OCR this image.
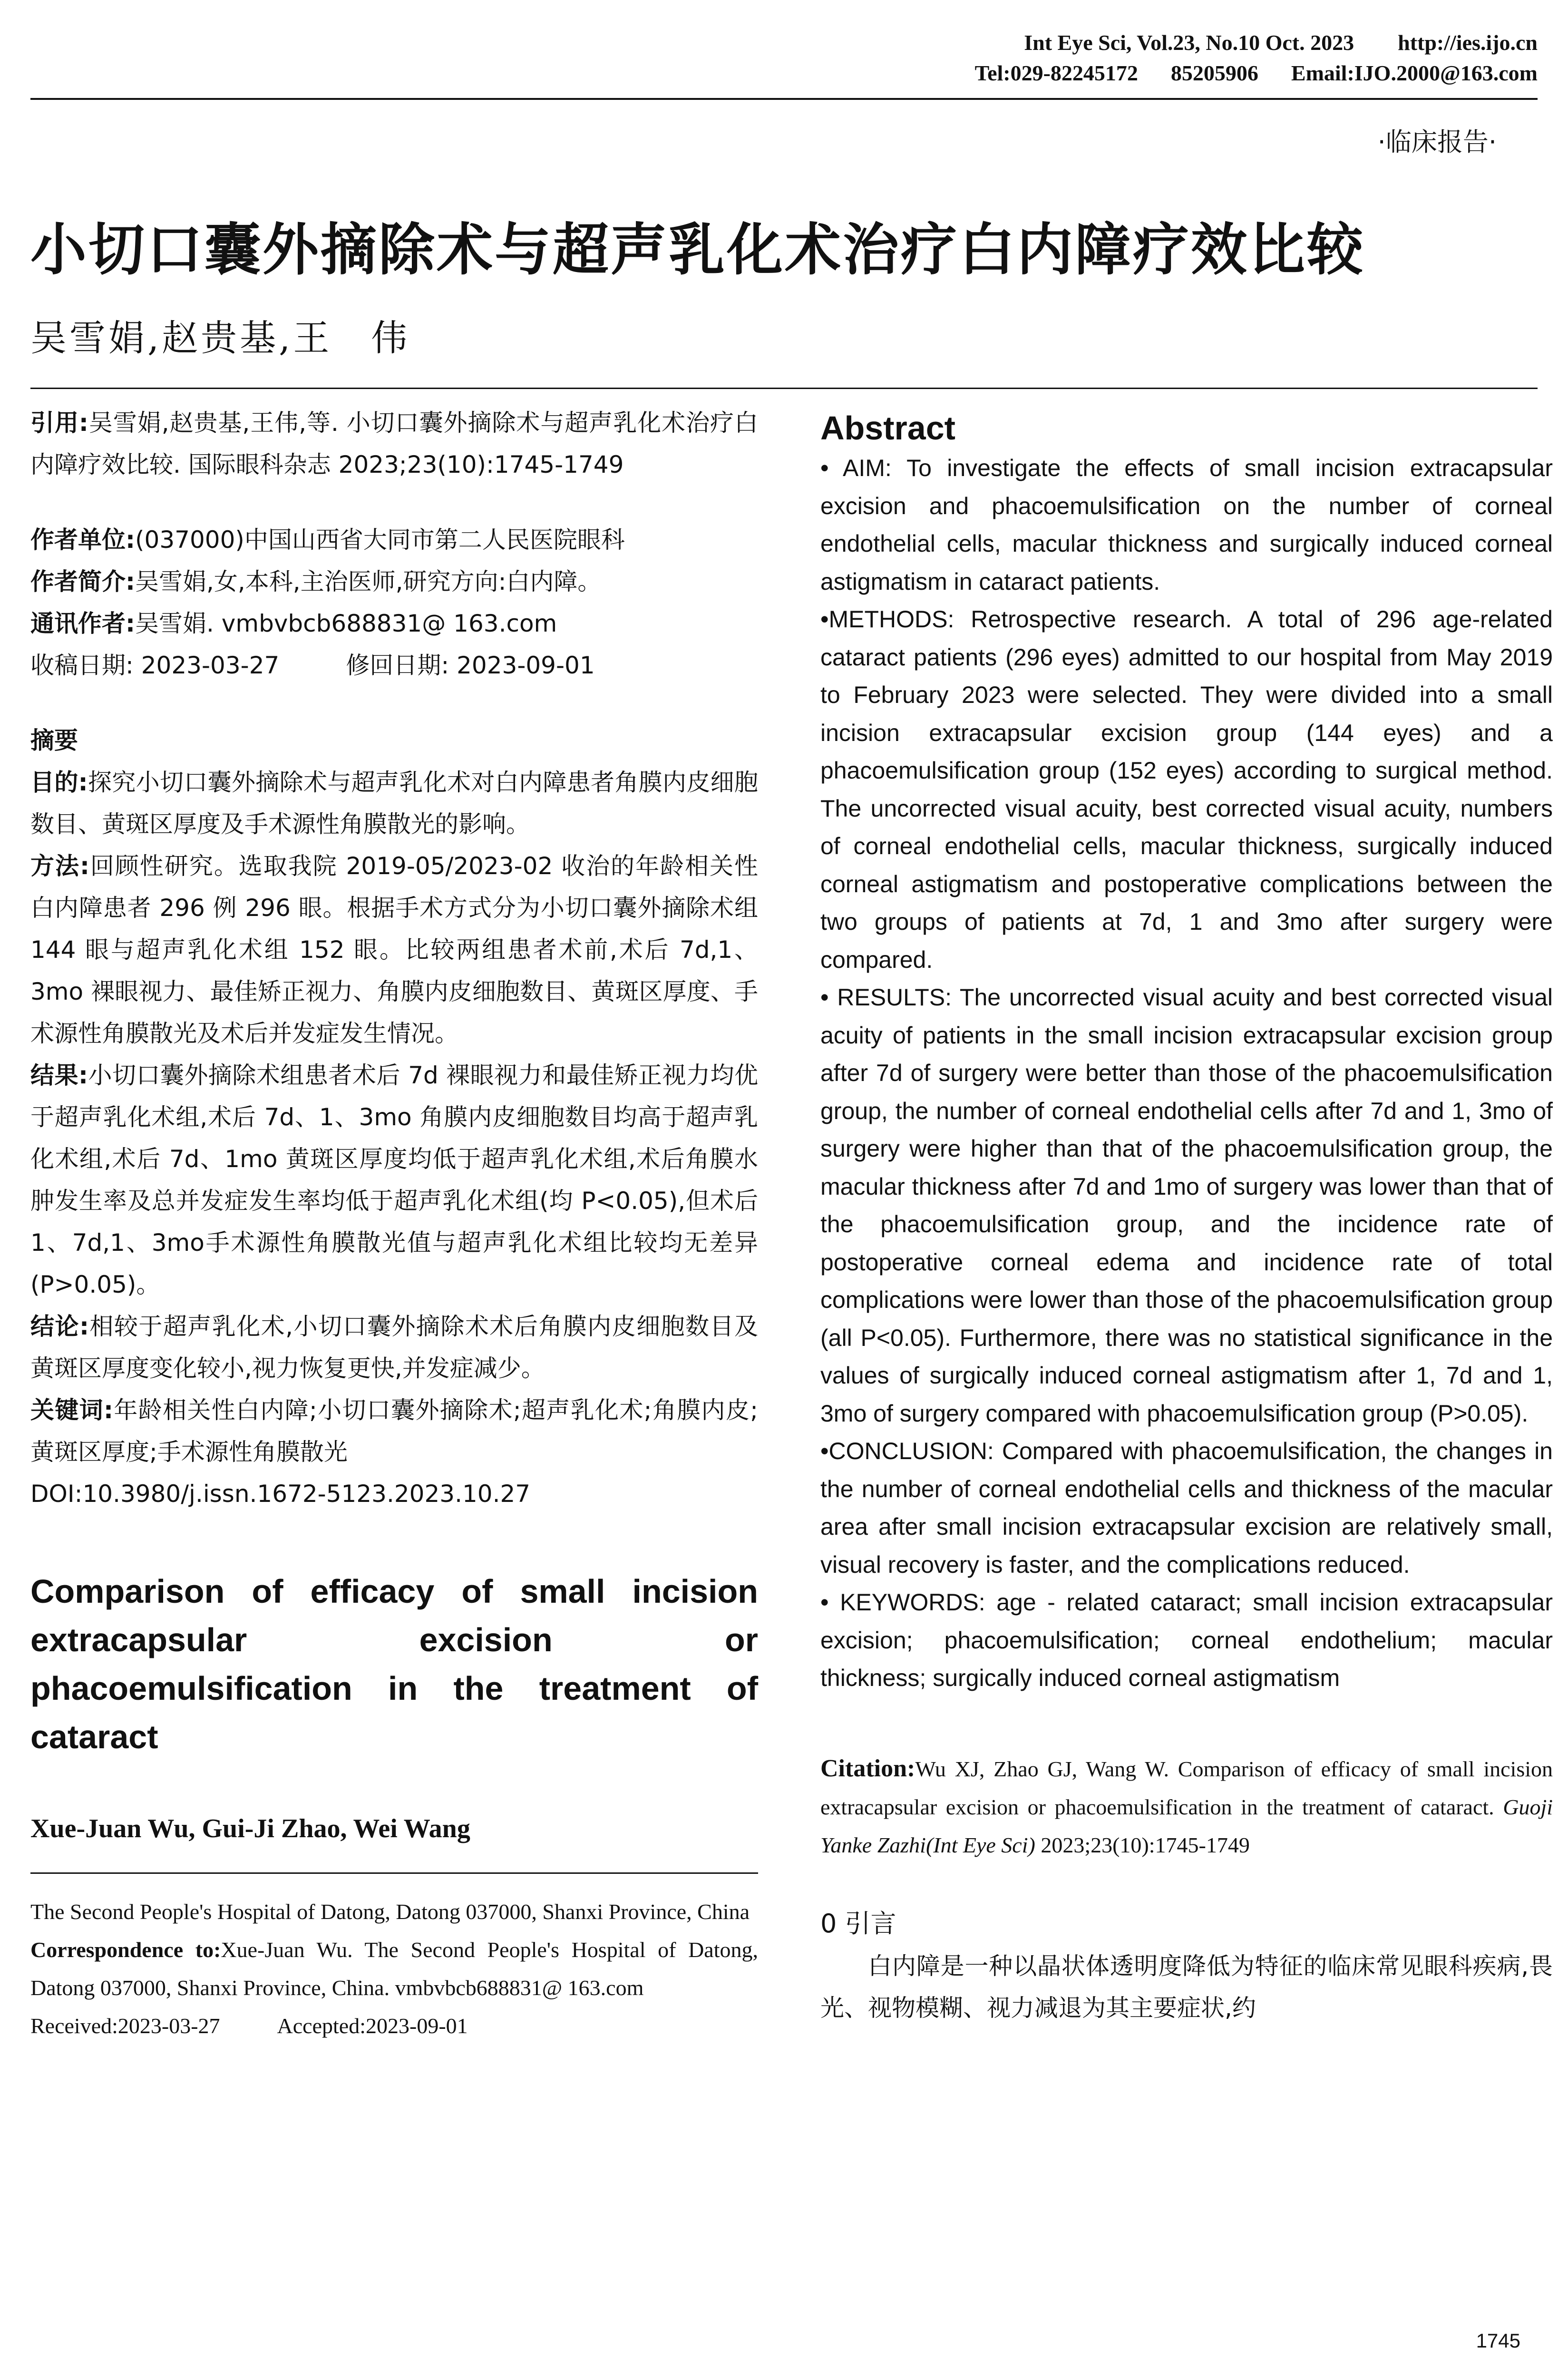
Int Eye Sci, Vol.23, No.10 Oct. 2023        http://ies.ijo.cn
Tel:029-82245172      85205906      Email:IJO.2000@163.com
·临床报告·
小切口囊外摘除术与超声乳化术治疗白内障疗效比较
吴雪娟,赵贵基,王　伟

引用:吴雪娟,赵贵基,王伟,等. 小切口囊外摘除术与超声乳化术治疗白内障疗效比较. 国际眼科杂志 2023;23(10):1745-1749

作者单位:(037000)中国山西省大同市第二人民医院眼科

作者简介:吴雪娟,女,本科,主治医师,研究方向:白内障。

通讯作者:吴雪娟. vmbvbcb688831@ 163.com

收稿日期: 2023-03-27	修回日期: 2023-09-01

摘要

目的:探究小切口囊外摘除术与超声乳化术对白内障患者角膜内皮细胞数目、黄斑区厚度及手术源性角膜散光的影响。

方法:回顾性研究。选取我院 2019-05/2023-02 收治的年龄相关性白内障患者 296 例 296 眼。根据手术方式分为小切口囊外摘除术组 144 眼与超声乳化术组 152 眼。比较两组患者术前,术后 7d,1、3mo 裸眼视力、最佳矫正视力、角膜内皮细胞数目、黄斑区厚度、手术源性角膜散光及术后并发症发生情况。

结果:小切口囊外摘除术组患者术后 7d 裸眼视力和最佳矫正视力均优于超声乳化术组,术后 7d、1、3mo 角膜内皮细胞数目均高于超声乳化术组,术后 7d、1mo 黄斑区厚度均低于超声乳化术组,术后角膜水肿发生率及总并发症发生率均低于超声乳化术组(均 P<0.05),但术后 1、7d,1、3mo手术源性角膜散光值与超声乳化术组比较均无差异(P>0.05)。

结论:相较于超声乳化术,小切口囊外摘除术术后角膜内皮细胞数目及黄斑区厚度变化较小,视力恢复更快,并发症减少。

关键词:年龄相关性白内障;小切口囊外摘除术;超声乳化术;角膜内皮;黄斑区厚度;手术源性角膜散光

DOI:10.3980/j.issn.1672-5123.2023.10.27

Comparison of efficacy of small incision extracapsular excision or phacoemulsification in the treatment of cataract
Xue-Juan Wu, Gui-Ji Zhao, Wei Wang

The Second People's Hospital of Datong, Datong 037000, Shanxi Province, China

Correspondence to:Xue-Juan Wu. The Second People's Hospital of Datong, Datong 037000, Shanxi Province, China. vmbvbcb688831@ 163.com

Received:2023-03-27	Accepted:2023-09-01

Abstract

• AIM: To investigate the effects of small incision extracapsular excision and phacoemulsification on the number of corneal endothelial cells, macular thickness and surgically induced corneal astigmatism in cataract patients.

•METHODS: Retrospective research. A total of 296 age-related cataract patients (296 eyes) admitted to our hospital from May 2019 to February 2023 were selected. They were divided into a small incision extracapsular excision group (144 eyes) and a phacoemulsification group (152 eyes) according to surgical method. The uncorrected visual acuity, best corrected visual acuity, numbers of corneal endothelial cells, macular thickness, surgically induced corneal astigmatism and postoperative complications between the two groups of patients at 7d, 1 and 3mo after surgery were compared.

• RESULTS: The uncorrected visual acuity and best corrected visual acuity of patients in the small incision extracapsular excision group after 7d of surgery were better than those of the phacoemulsification group, the number of corneal endothelial cells after 7d and 1, 3mo of surgery were higher than that of the phacoemulsification group, the macular thickness after 7d and 1mo of surgery was lower than that of the phacoemulsification group, and the incidence rate of postoperative corneal edema and incidence rate of total complications were lower than those of the phacoemulsification group (all P<0.05). Furthermore, there was no statistical significance in the values of surgically induced corneal astigmatism after 1, 7d and 1, 3mo of surgery compared with phacoemulsification group (P>0.05).

•CONCLUSION: Compared with phacoemulsification, the changes in the number of corneal endothelial cells and thickness of the macular area after small incision extracapsular excision are relatively small, visual recovery is faster, and the complications reduced.

• KEYWORDS: age - related cataract; small incision extracapsular excision; phacoemulsification; corneal endothelium; macular thickness; surgically induced corneal astigmatism

Citation:Wu XJ, Zhao GJ, Wang W. Comparison of efficacy of small incision extracapsular excision or phacoemulsification in the treatment of cataract. Guoji Yanke Zazhi(Int Eye Sci) 2023;23(10):1745-1749
0 引言

白内障是一种以晶状体透明度降低为特征的临床常见眼科疾病,畏光、视物模糊、视力减退为其主要症状,约

1745
